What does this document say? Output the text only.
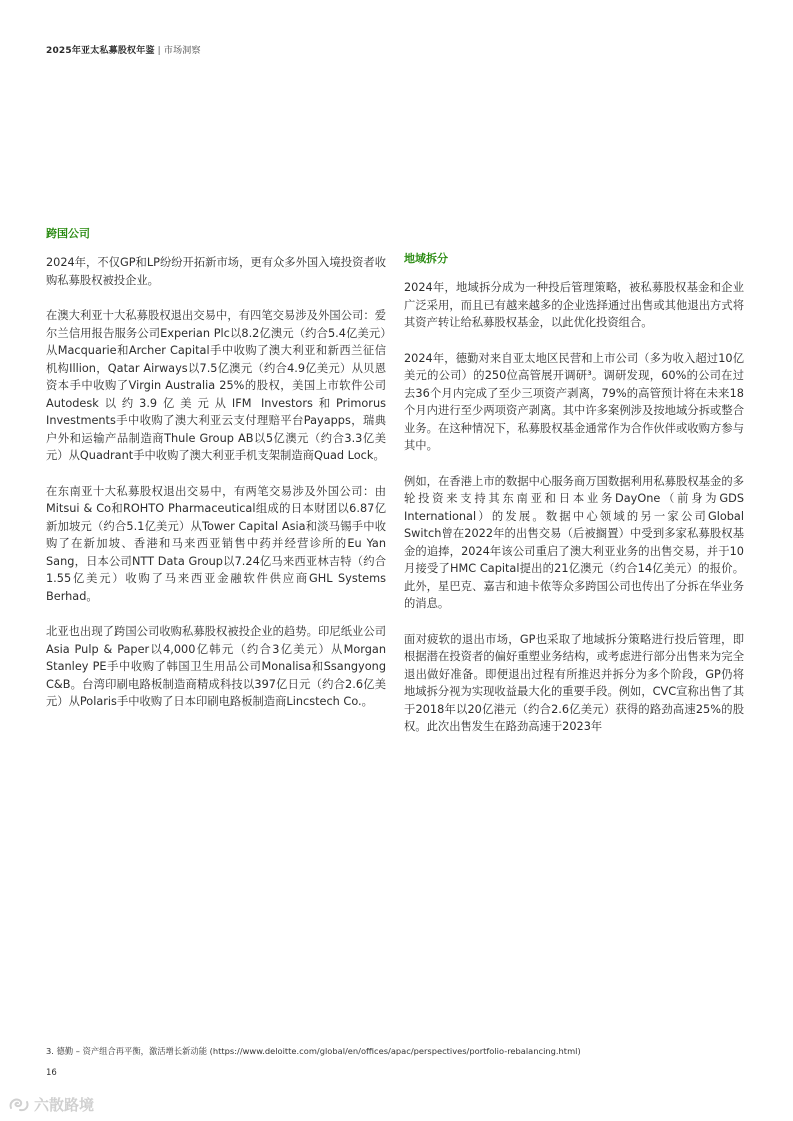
2025年亚太私募股权年鉴 | 市场洞察
跨国公司

2024年，不仅GP和LP纷纷开拓新市场，更有众多外国入境投资者收购私募股权被投企业。

在澳大利亚十大私募股权退出交易中，有四笔交易涉及外国公司：爱尔兰信用报告服务公司Experian Plc以8.2亿澳元（约合5.4亿美元）从Macquarie和Archer Capital手中收购了澳大利亚和新西兰征信机构Illion，Qatar Airways以7.5亿澳元（约合4.9亿美元）从贝恩资本手中收购了Virgin Australia 25%的股权，美国上市软件公司Autodesk以约3.9亿美元从IFM Investors和Primorus Investments手中收购了澳大利亚云支付理赔平台Payapps，瑞典户外和运输产品制造商Thule Group AB以5亿澳元（约合3.3亿美元）从Quadrant手中收购了澳大利亚手机支架制造商Quad Lock。

在东南亚十大私募股权退出交易中，有两笔交易涉及外国公司：由Mitsui & Co和ROHTO Pharmaceutical组成的日本财团以6.87亿新加坡元（约合5.1亿美元）从Tower Capital Asia和淡马锡手中收购了在新加坡、香港和马来西亚销售中药并经营诊所的Eu Yan Sang，日本公司NTT Data Group以7.24亿马来西亚林吉特（约合1.55亿美元）收购了马来西亚金融软件供应商GHL Systems Berhad。

北亚也出现了跨国公司收购私募股权被投企业的趋势。印尼纸业公司Asia Pulp & Paper以4,000亿韩元（约合3亿美元）从Morgan Stanley PE手中收购了韩国卫生用品公司Monalisa和Ssangyong C&B。台湾印刷电路板制造商精成科技以397亿日元（约合2.6亿美元）从Polaris手中收购了日本印刷电路板制造商Lincstech Co.。

地域拆分

2024年，地域拆分成为一种投后管理策略，被私募股权基金和企业广泛采用，而且已有越来越多的企业选择通过出售或其他退出方式将其资产转让给私募股权基金，以此优化投资组合。

2024年，德勤对来自亚太地区民营和上市公司（多为收入超过10亿美元的公司）的250位高管展开调研³。调研发现，60%的公司在过去36个月内完成了至少三项资产剥离，79%的高管预计将在未来18个月内进行至少两项资产剥离。其中许多案例涉及按地域分拆或整合业务。在这种情况下，私募股权基金通常作为合作伙伴或收购方参与其中。

例如，在香港上市的数据中心服务商万国数据利用私募股权基金的多轮投资来支持其东南亚和日本业务DayOne（前身为GDS International）的发展。数据中心领域的另一家公司Global Switch曾在2022年的出售交易（后被搁置）中受到多家私募股权基金的追捧，2024年该公司重启了澳大利亚业务的出售交易，并于10月接受了HMC Capital提出的21亿澳元（约合14亿美元）的报价。此外，星巴克、嘉吉和迪卡侬等众多跨国公司也传出了分拆在华业务的消息。

面对疲软的退出市场，GP也采取了地域拆分策略进行投后管理，即根据潜在投资者的偏好重塑业务结构，或考虑进行部分出售来为完全退出做好准备。即便退出过程有所推迟并拆分为多个阶段，GP仍将地域拆分视为实现收益最大化的重要手段。例如，CVC宣称出售了其于2018年以20亿港元（约合2.6亿美元）获得的路劲高速25%的股权。此次出售发生在路劲高速于2023年

3. 德勤 – 资产组合再平衡，激活增长新动能 (https://www.deloitte.com/global/en/offices/apac/perspectives/portfolio-rebalancing.html)
16
六散路境
